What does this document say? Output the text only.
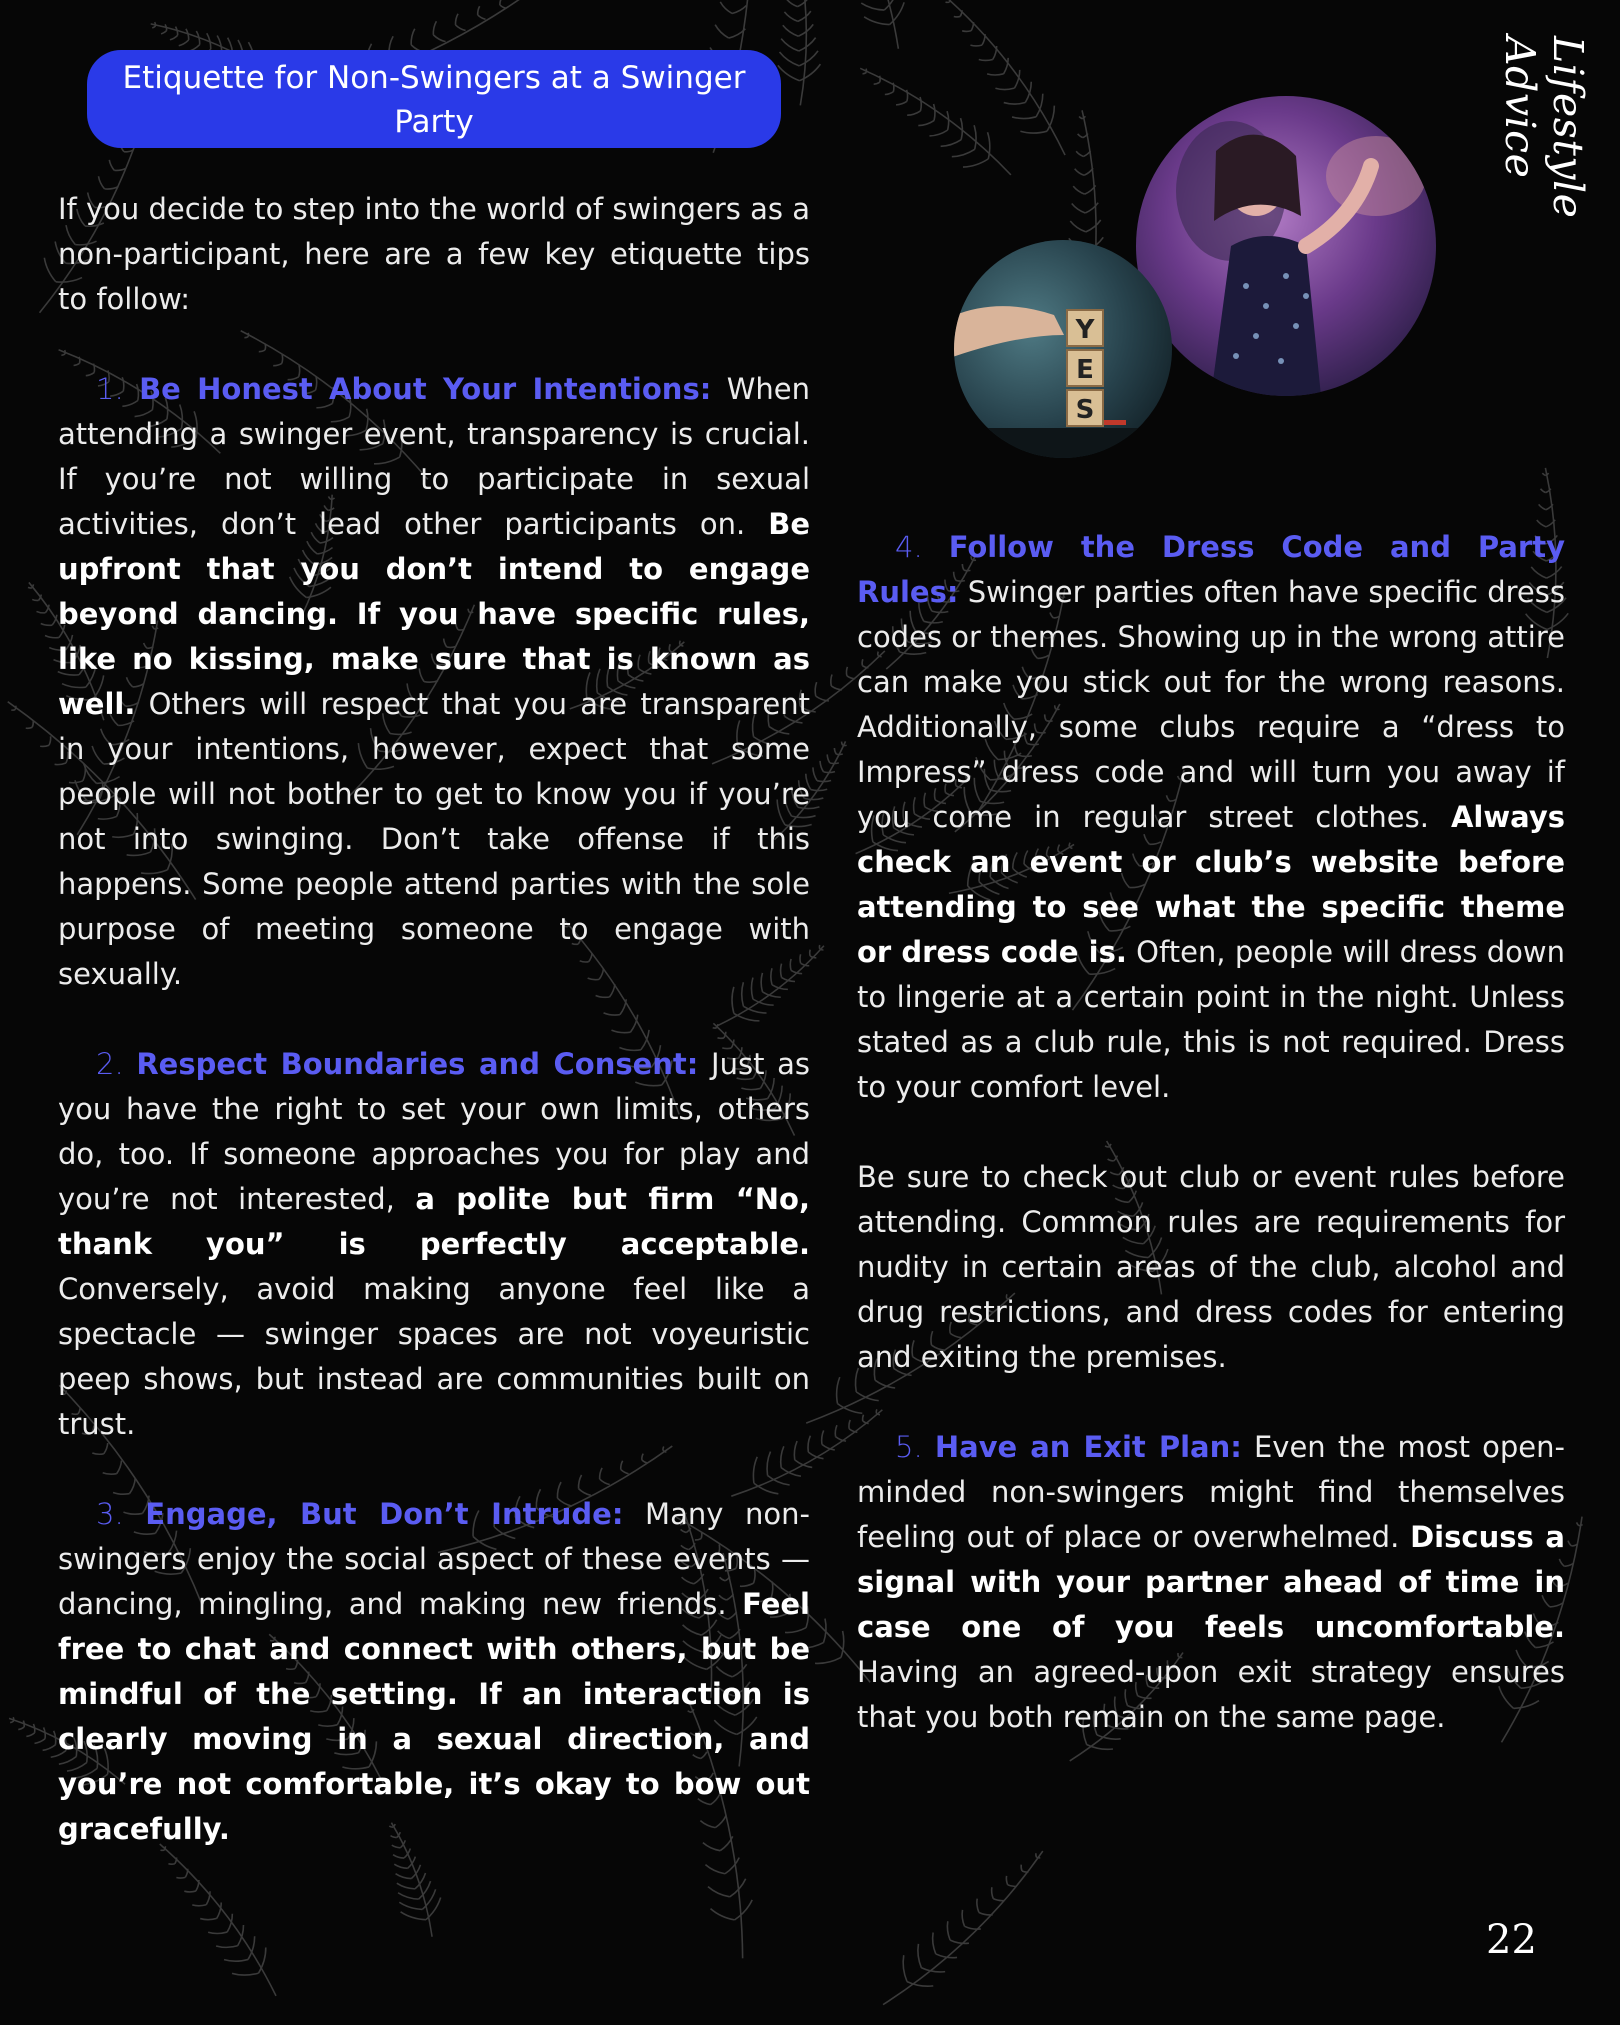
Etiquette for Non-Swingers at a Swinger Party	Lifestyle Advice
Y
E
S

If you decide to step into the world of swingers as a non-participant, here are a few key etiquette tips to follow:

1. Be Honest About Your Intentions: When attending a swinger event, transparency is crucial. If you’re not willing to participate in sexual activities, don’t lead other participants on. Be upfront that you don’t intend to engage beyond dancing. If you have specific rules, like no kissing, make sure that is known as well. Others will respect that you are transparent in your intentions, however, expect that some people will not bother to get to know you if you’re not into swinging. Don’t take offense if this happens. Some people attend parties with the sole purpose of meeting someone to engage with sexually.

2. Respect Boundaries and Consent: Just as you have the right to set your own limits, others do, too. If someone approaches you for play and you’re not interested, a polite but firm “No, thank you” is perfectly acceptable. Conversely, avoid making anyone feel like a spectacle — swinger spaces are not voyeuristic peep shows, but instead are communities built on trust.

3. Engage, But Don’t Intrude: Many non-swingers enjoy the social aspect of these events — dancing, mingling, and making new friends. Feel free to chat and connect with others, but be mindful of the setting. If an interaction is clearly moving in a sexual direction, and you’re not comfortable, it’s okay to bow out gracefully.

4. Follow the Dress Code and Party Rules: Swinger parties often have specific dress codes or themes. Showing up in the wrong attire can make you stick out for the wrong reasons. Additionally, some clubs require a “dress to Impress” dress code and will turn you away if you come in regular street clothes. Always check an event or club’s website before attending to see what the specific theme or dress code is. Often, people will dress down to lingerie at a certain point in the night. Unless stated as a club rule, this is not required. Dress to your comfort level.

Be sure to check out club or event rules before attending. Common rules are requirements for nudity in certain areas of the club, alcohol and drug restrictions, and dress codes for entering and exiting the premises.

5. Have an Exit Plan: Even the most open-minded non-swingers might find themselves feeling out of place or overwhelmed. Discuss a signal with your partner ahead of time in case one of you feels uncomfortable. Having an agreed-upon exit strategy ensures that you both remain on the same page.

22
